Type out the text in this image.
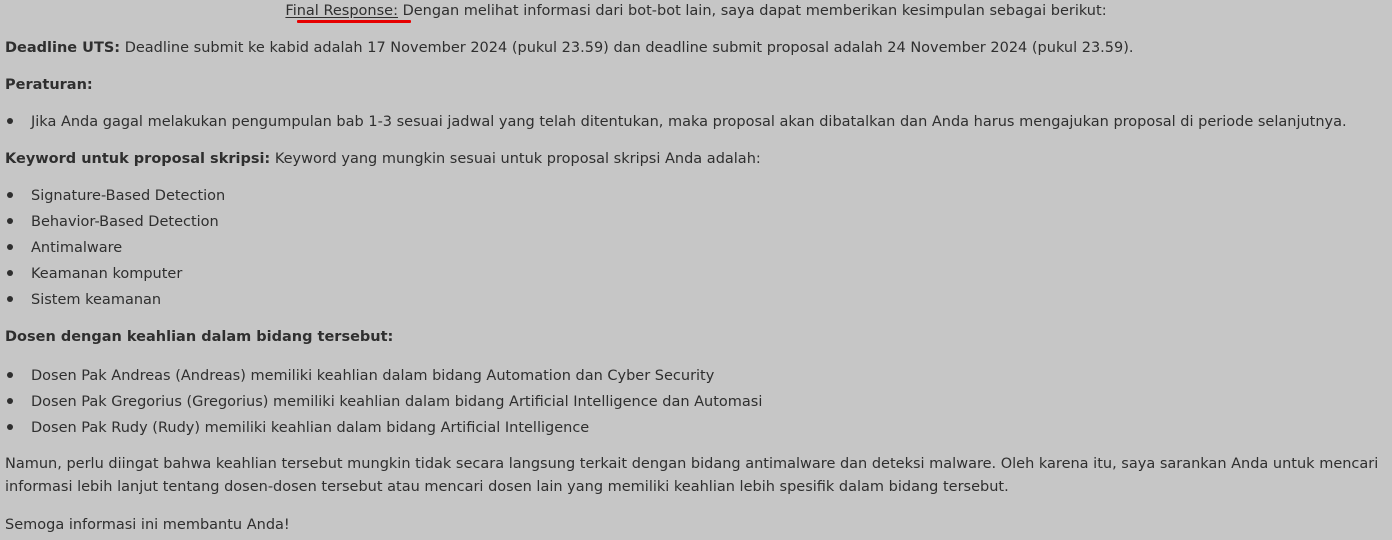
Final Response: Dengan melihat informasi dari bot-bot lain, saya dapat memberikan kesimpulan sebagai berikut:
Deadline UTS: Deadline submit ke kabid adalah 17 November 2024 (pukul 23.59) dan deadline submit proposal adalah 24 November 2024 (pukul 23.59).
Peraturan:
Jika Anda gagal melakukan pengumpulan bab 1-3 sesuai jadwal yang telah ditentukan, maka proposal akan dibatalkan dan Anda harus mengajukan proposal di periode selanjutnya.
Keyword untuk proposal skripsi: Keyword yang mungkin sesuai untuk proposal skripsi Anda adalah:
Signature-Based Detection
Behavior-Based Detection
Antimalware
Keamanan komputer
Sistem keamanan
Dosen dengan keahlian dalam bidang tersebut:
Dosen Pak Andreas (Andreas) memiliki keahlian dalam bidang Automation dan Cyber Security
Dosen Pak Gregorius (Gregorius) memiliki keahlian dalam bidang Artificial Intelligence dan Automasi
Dosen Pak Rudy (Rudy) memiliki keahlian dalam bidang Artificial Intelligence
Namun, perlu diingat bahwa keahlian tersebut mungkin tidak secara langsung terkait dengan bidang antimalware dan deteksi malware. Oleh karena itu, saya sarankan Anda untuk mencari informasi lebih lanjut tentang dosen-dosen tersebut atau mencari dosen lain yang memiliki keahlian lebih spesifik dalam bidang tersebut.
Semoga informasi ini membantu Anda!
